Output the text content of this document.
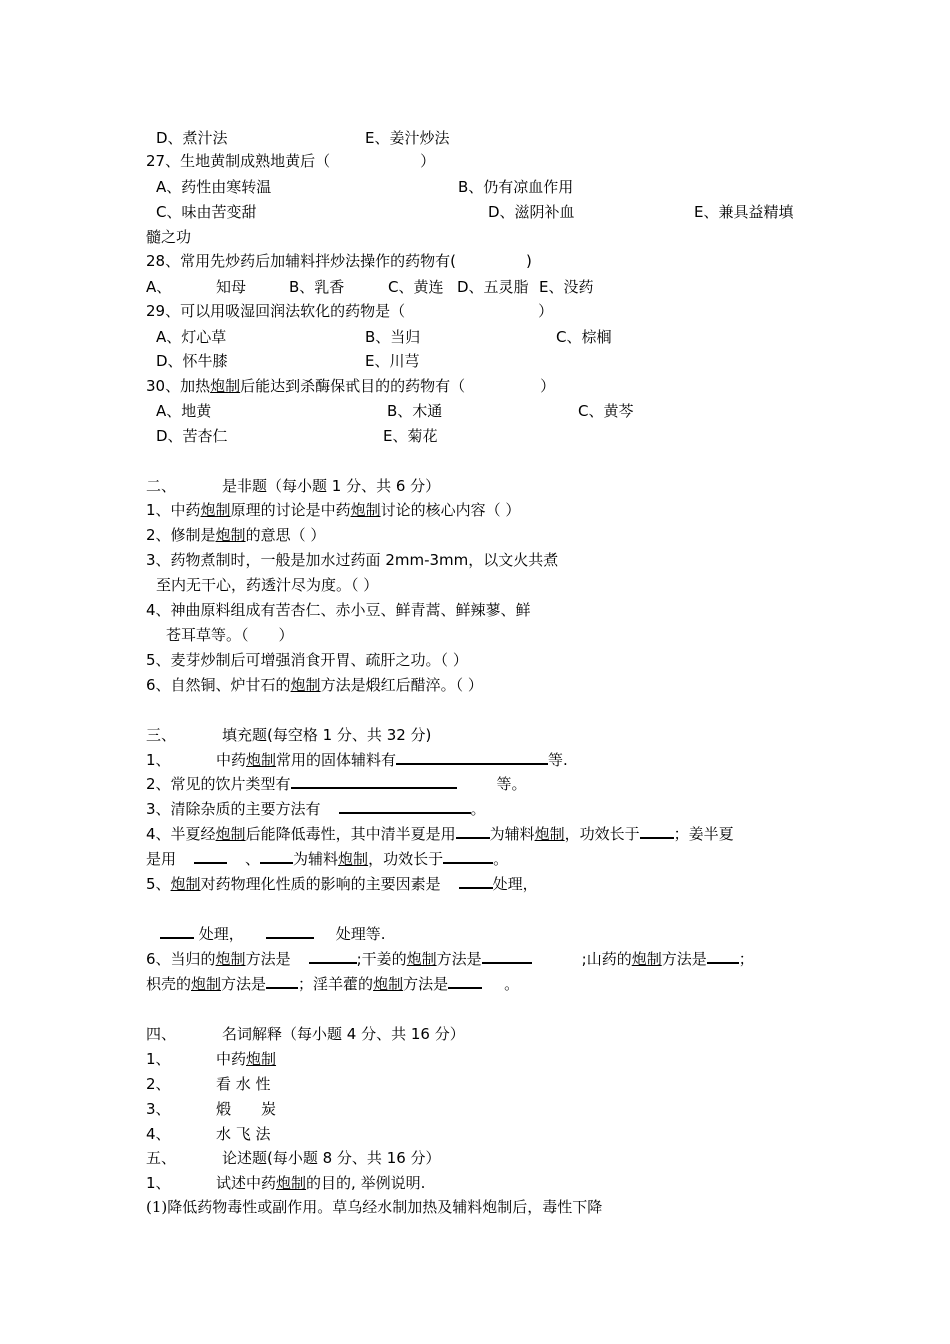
D、煮汁法	E、姜汁炒法
27、生地黄制成熟地黄后（	）
A、药性由寒转温	B、仍有凉血作用
C、味由苦变甜	D、滋阴补血	E、兼具益精填
髓之功
28、常用先炒药后加辅料拌炒法操作的药物有(	)
A、	知母	B、乳香	C、黄连 D、五灵脂 E、没药
29、可以用吸湿回润法软化的药物是（	）
A、灯心草	B、当归	C、棕榈
D、怀牛膝	E、川芎
30、加热炮制后能达到杀酶保甙目的的药物有（	）
A、地黄	B、木通	C、黄芩
D、苦杏仁	E、菊花
二、	是非题（每小题 1 分、共 6 分）
1、中药炮制原理的讨论是中药炮制讨论的核心内容（ ）
2、修制是炮制的意思（ ）
3、药物煮制时，一般是加水过药面 2mm-3mm，以文火共煮
至内无干心，药透汁尽为度。（ ）
4、神曲原料组成有苦杏仁、赤小豆、鲜青蒿、鲜辣蓼、鲜
苍耳草等。（　　）
5、麦芽炒制后可增强消食开胃、疏肝之功。（ ）
6、自然铜、炉甘石的炮制方法是煅红后醋淬。（ ）
三、	填充题(每空格 1 分、共 32 分)
1、	中药炮制常用的固体辅料有	等.
2、常见的饮片类型有	等。
3、清除杂质的主要方法有	。
4、半夏经炮制后能降低毒性，其中清半夏是用 为辅料炮制，功效长于 ；姜半夏
是用	、 为辅料炮制，功效长于	。
5、炮制对药物理化性质的影响的主要因素是	处理，
处理，	处理等.
6、当归的炮制方法是	;干姜的炮制方法是	;山药的炮制方法是 ；
枳壳的炮制方法是 ；淫羊藿的炮制方法是	。
四、	名词解释（每小题 4 分、共 16 分）
1、	中药炮制
2、	看 水 性
3、	煅　　炭
4、	水 飞 法
五、	论述题(每小题 8 分、共 16 分）
1、	试述中药炮制的目的, 举例说明.
(1)降低药物毒性或副作用。草乌经水制加热及辅料炮制后，毒性下降
